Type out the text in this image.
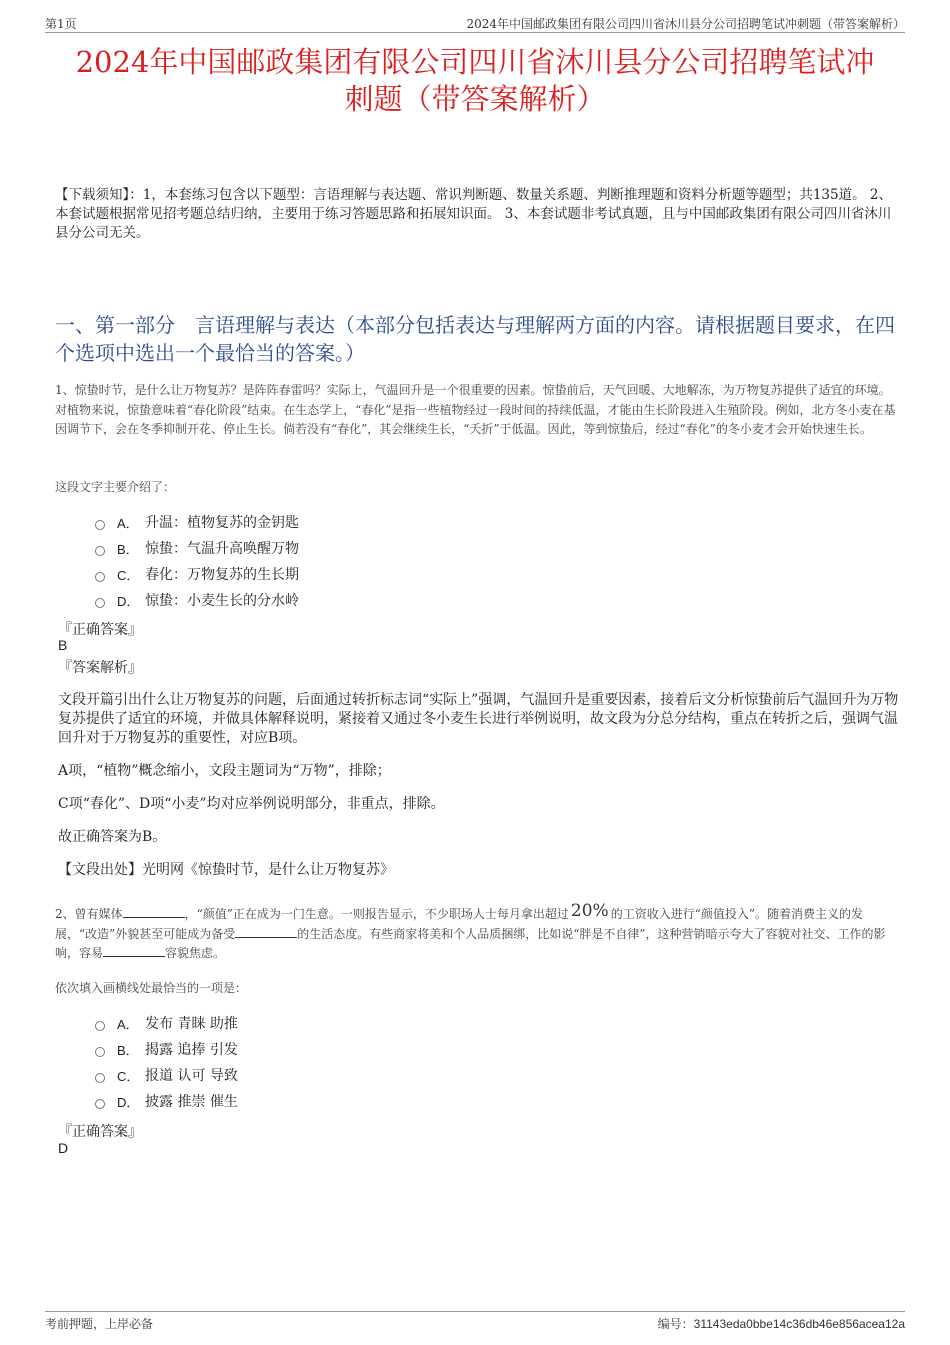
第1页	2024年中国邮政集团有限公司四川省沐川县分公司招聘笔试冲刺题（带答案解析）
2024年中国邮政集团有限公司四川省沐川县分公司招聘笔试冲
刺题（带答案解析）
【下载须知】：1，本套练习包含以下题型：言语理解与表达题、常识判断题、数量关系题、判断推理题和资料分析题等题型；共135道。 2、本套试题根据常见招考题总结归纳，主要用于练习答题思路和拓展知识面。 3、本套试题非考试真题，且与中国邮政集团有限公司四川省沐川县分公司无关。
一、第一部分　言语理解与表达（本部分包括表达与理解两方面的内容。请根据题目要求，在四个选项中选出一个最恰当的答案。）
1、惊蛰时节，是什么让万物复苏？是阵阵春雷吗？实际上，气温回升是一个很重要的因素。惊蛰前后，天气回暖、大地解冻，为万物复苏提供了适宜的环境。对植物来说，惊蛰意味着“春化阶段”结束。在生态学上，“春化”是指一些植物经过一段时间的持续低温，才能由生长阶段进入生殖阶段。例如，北方冬小麦在基因调节下，会在冬季抑制开花、停止生长。倘若没有“春化”，其会继续生长，“夭折”于低温。因此，等到惊蛰后，经过“春化”的冬小麦才会开始快速生长。
这段文字主要介绍了：
A． 升温：植物复苏的金钥匙
B． 惊蛰：气温升高唤醒万物
C． 春化：万物复苏的生长期
D． 惊蛰：小麦生长的分水岭
『正确答案』
B
『答案解析』
文段开篇引出什么让万物复苏的问题，后面通过转折标志词“实际上”强调，气温回升是重要因素，接着后文分析惊蛰前后气温回升为万物复苏提供了适宜的环境，并做具体解释说明，紧接着又通过冬小麦生长进行举例说明，故文段为分总分结构，重点在转折之后，强调气温回升对于万物复苏的重要性，对应B项。
A项，“植物”概念缩小，文段主题词为“万物”，排除；
C项“春化”、D项“小麦”均对应举例说明部分，非重点，排除。
故正确答案为B。
【文段出处】光明网《惊蛰时节，是什么让万物复苏》
2、曾有媒体	，“颜值”正在成为一门生意。一则报告显示，不少职场人士每月拿出超过 20% 的工资收入进行“颜值投入”。随着消费主义的发展，“改造”外貌甚至可能成为备受	的生活态度。有些商家将美和个人品质捆绑，比如说“胖是不自律”，这种营销暗示夸大了容貌对社交、工作的影响，容易	容貌焦虑。
依次填入画横线处最恰当的一项是：
A． 发布 青睐 助推
B． 揭露 追捧 引发
C． 报道 认可 导致
D． 披露 推崇 催生
『正确答案』
D
考前押题，上岸必备	编号：31143eda0bbe14c36db46e856acea12a
